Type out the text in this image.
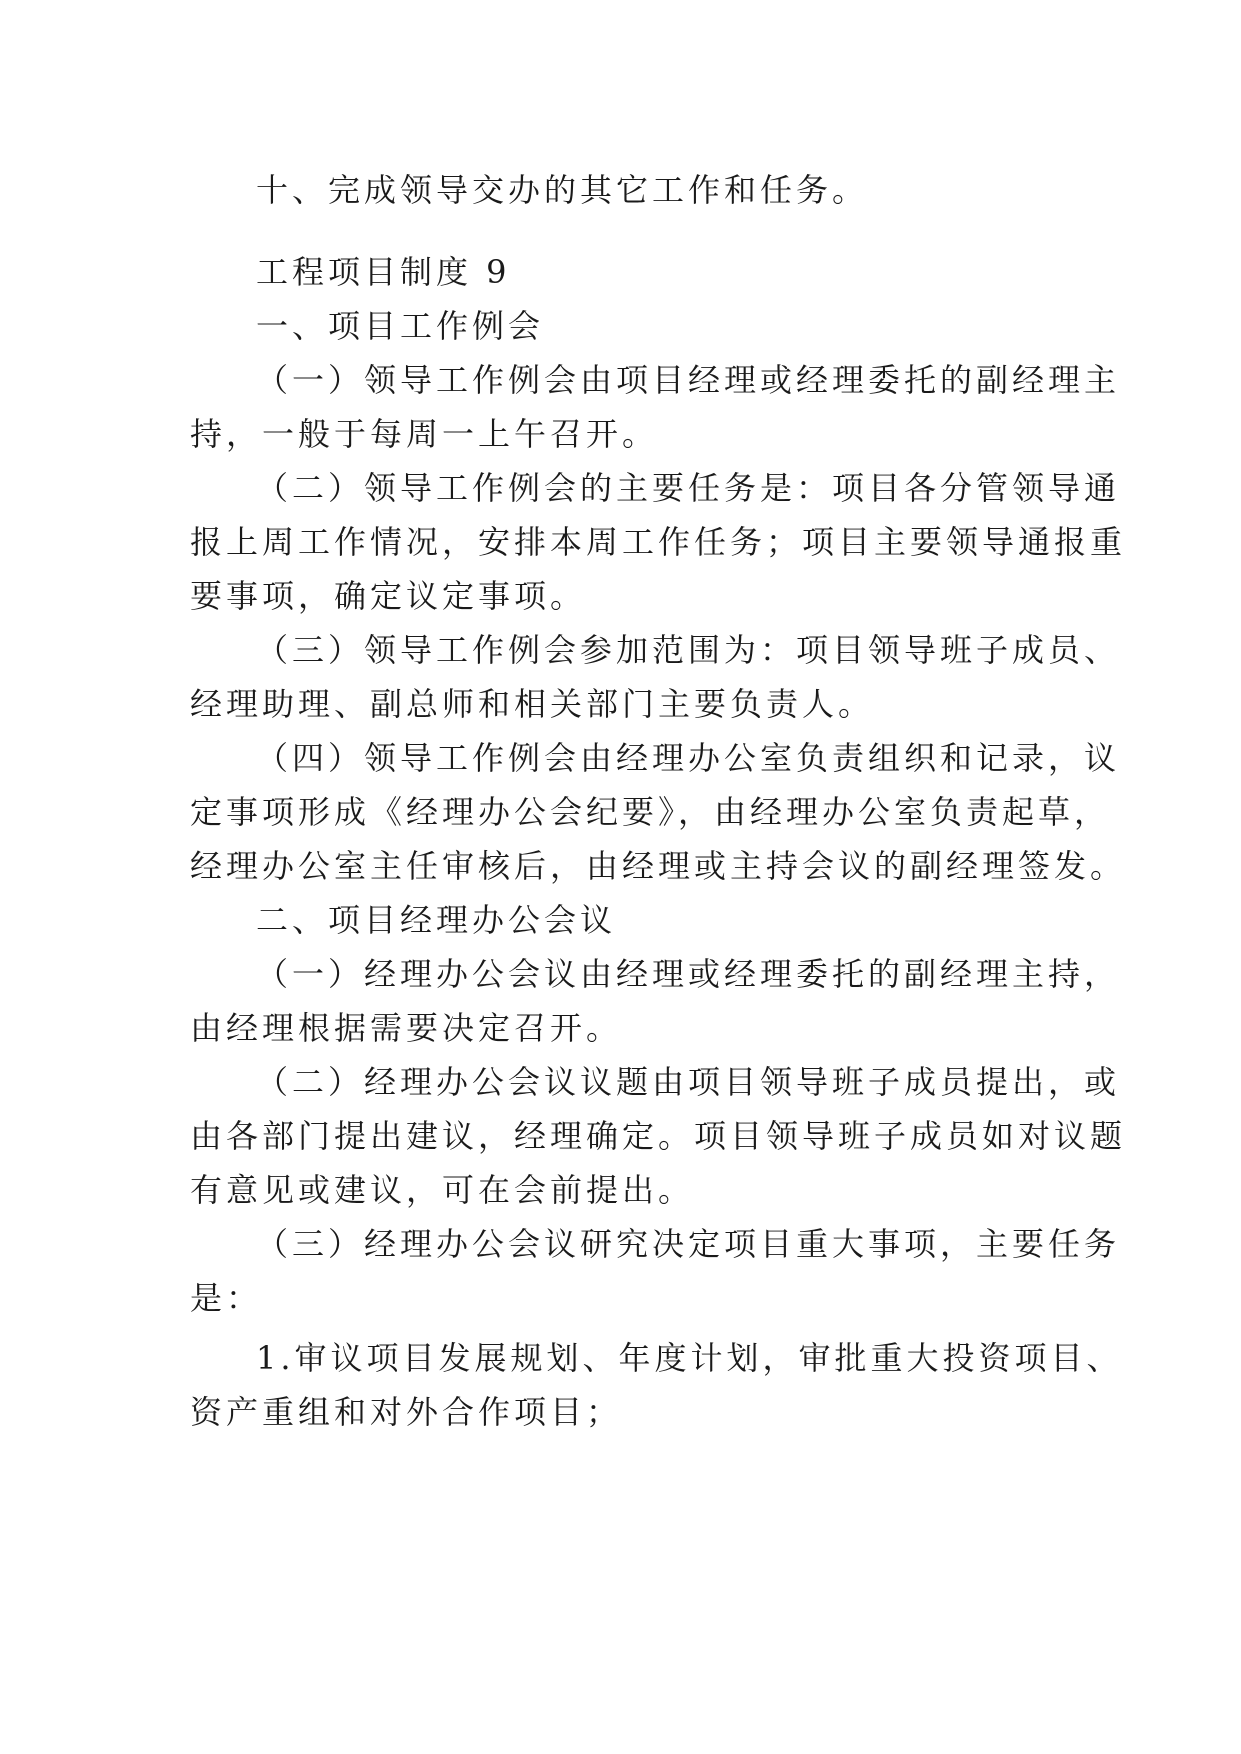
十、完成领导交办的其它工作和任务。
工程项目制度 9
一、项目工作例会
（一）领导工作例会由项目经理或经理委托的副经理主
持，一般于每周一上午召开。
（二）领导工作例会的主要任务是：项目各分管领导通
报上周工作情况，安排本周工作任务；项目主要领导通报重
要事项，确定议定事项。
（三）领导工作例会参加范围为：项目领导班子成员、
经理助理、副总师和相关部门主要负责人。
（四）领导工作例会由经理办公室负责组织和记录，议
定事项形成《经理办公会纪要》，由经理办公室负责起草，
经理办公室主任审核后，由经理或主持会议的副经理签发。
二、项目经理办公会议
（一）经理办公会议由经理或经理委托的副经理主持，
由经理根据需要决定召开。
（二）经理办公会议议题由项目领导班子成员提出，或
由各部门提出建议，经理确定。项目领导班子成员如对议题
有意见或建议，可在会前提出。
（三）经理办公会议研究决定项目重大事项，主要任务
是：
1.审议项目发展规划、年度计划，审批重大投资项目、
资产重组和对外合作项目；
